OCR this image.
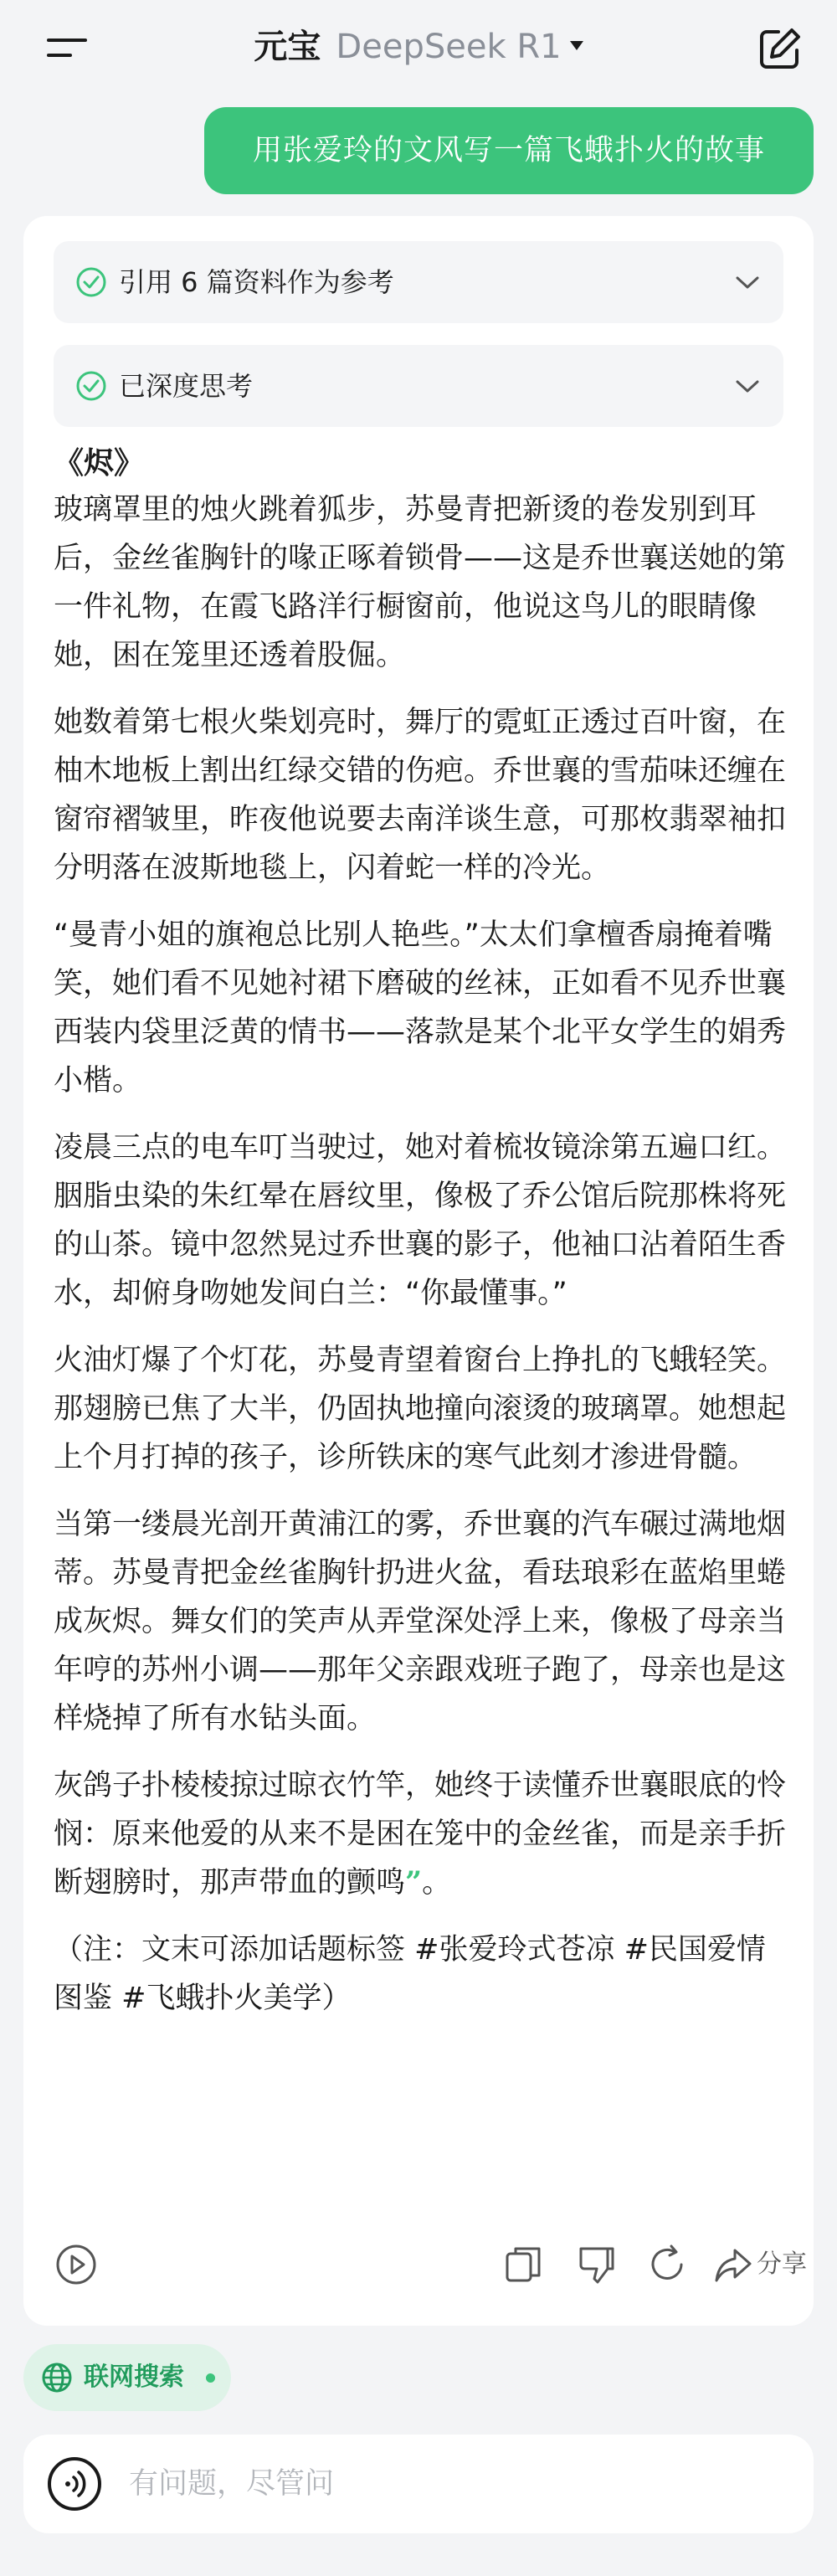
元宝 DeepSeek R1
用张爱玲的文风写一篇飞蛾扑火的故事
引用 6 篇资料作为参考
已深度思考
《烬》

玻璃罩里的烛火跳着狐步，苏曼青把新烫的卷发别到耳后，金丝雀胸针的喙正啄着锁骨——这是乔世襄送她的第一件礼物，在霞飞路洋行橱窗前，他说这鸟儿的眼睛像她，困在笼里还透着股倔。

她数着第七根火柴划亮时，舞厅的霓虹正透过百叶窗，在柚木地板上割出红绿交错的伤疤。乔世襄的雪茄味还缠在窗帘褶皱里，昨夜他说要去南洋谈生意，可那枚翡翠袖扣分明落在波斯地毯上，闪着蛇一样的冷光。

“曼青小姐的旗袍总比别人艳些。”太太们拿檀香扇掩着嘴笑，她们看不见她衬裙下磨破的丝袜，正如看不见乔世襄西装内袋里泛黄的情书——落款是某个北平女学生的娟秀小楷。

凌晨三点的电车叮当驶过，她对着梳妆镜涂第五遍口红。胭脂虫染的朱红晕在唇纹里，像极了乔公馆后院那株将死的山茶。镜中忽然晃过乔世襄的影子，他袖口沾着陌生香水，却俯身吻她发间白兰：“你最懂事。”

火油灯爆了个灯花，苏曼青望着窗台上挣扎的飞蛾轻笑。那翅膀已焦了大半，仍固执地撞向滚烫的玻璃罩。她想起上个月打掉的孩子，诊所铁床的寒气此刻才渗进骨髓。

当第一缕晨光剖开黄浦江的雾，乔世襄的汽车碾过满地烟蒂。苏曼青把金丝雀胸针扔进火盆，看珐琅彩在蓝焰里蜷成灰烬。舞女们的笑声从弄堂深处浮上来，像极了母亲当年哼的苏州小调——那年父亲跟戏班子跑了，母亲也是这样烧掉了所有水钻头面。

灰鸽子扑棱棱掠过晾衣竹竿，她终于读懂乔世襄眼底的怜悯：原来他爱的从来不是困在笼中的金丝雀，而是亲手折断翅膀时，那声带血的颤鸣”。

（注：文末可添加话题标签 #张爱玲式苍凉 #民国爱情图鉴 #飞蛾扑火美学）

分享
联网搜索
有问题，尽管问
